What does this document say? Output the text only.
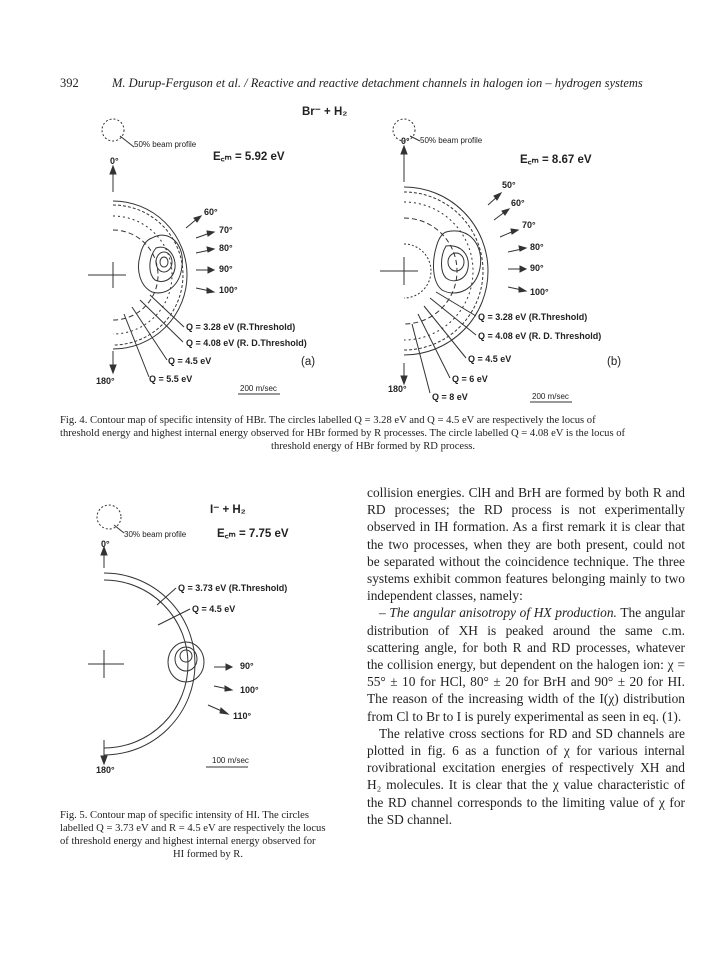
392	M. Durup-Ferguson et al. / Reactive and reactive detachment channels in halogen ion – hydrogen systems
Br⁻ + H₂
50% beam profile
E꜀ₘ = 5.92 eV
0°
180°
60°
70°
80°
90°
100°
Q = 3.28 eV (R.Threshold)
Q = 4.08 eV (R. D.Threshold)
Q = 4.5 eV
Q = 5.5 eV
200 m/sec
(a)
50% beam profile
E꜀ₘ = 8.67 eV
0°
180°
50°
60°
70°
80°
90°
100°
Q = 3.28 eV (R.Threshold)
Q = 4.08 eV (R. D. Threshold)
Q = 4.5 eV
Q = 6 eV
Q = 8 eV	200 m/sec
(b)
Fig. 4. Contour map of specific intensity of HBr. The circles labelled Q = 3.28 eV and Q = 4.5 eV are respectively the locus of
threshold energy and highest internal energy observed for HBr formed by R processes. The circle labelled Q = 4.08 eV is the locus of
threshold energy of HBr formed by RD process.
I⁻ + H₂
30% beam profile	E꜀ₘ = 7.75 eV
0°
180°
90°
100°
110°
Q = 3.73 eV (R.Threshold)
Q = 4.5 eV
100 m/sec
Fig. 5. Contour map of specific intensity of HI. The circles
labelled Q = 3.73 eV and R = 4.5 eV are respectively the locus
of threshold energy and highest internal energy observed for
HI formed by R.

collision energies. ClH and BrH are formed by both R and RD processes; the RD process is not experimentally observed in IH formation. As a first remark it is clear that the two processes, when they are both present, could not be separated without the coincidence technique. The three systems exhibit common features belonging mainly to two independent classes, namely:

– The angular anisotropy of HX production. The angular distribution of XH is peaked around the same c.m. scattering angle, for both R and RD processes, whatever the collision energy, but dependent on the halogen ion: χ = 55° ± 10 for HCl, 80° ± 20 for BrH and 90° ± 20 for HI. The reason of the increasing width of the I(χ) distribution from Cl to Br to I is purely experimental as seen in eq. (1).

The relative cross sections for RD and SD channels are plotted in fig. 6 as a function of χ for various internal rovibrational excitation energies of respectively XH and H₂ molecules. It is clear that the χ value characteristic of the RD channel corresponds to the limiting value of χ for the SD channel.
